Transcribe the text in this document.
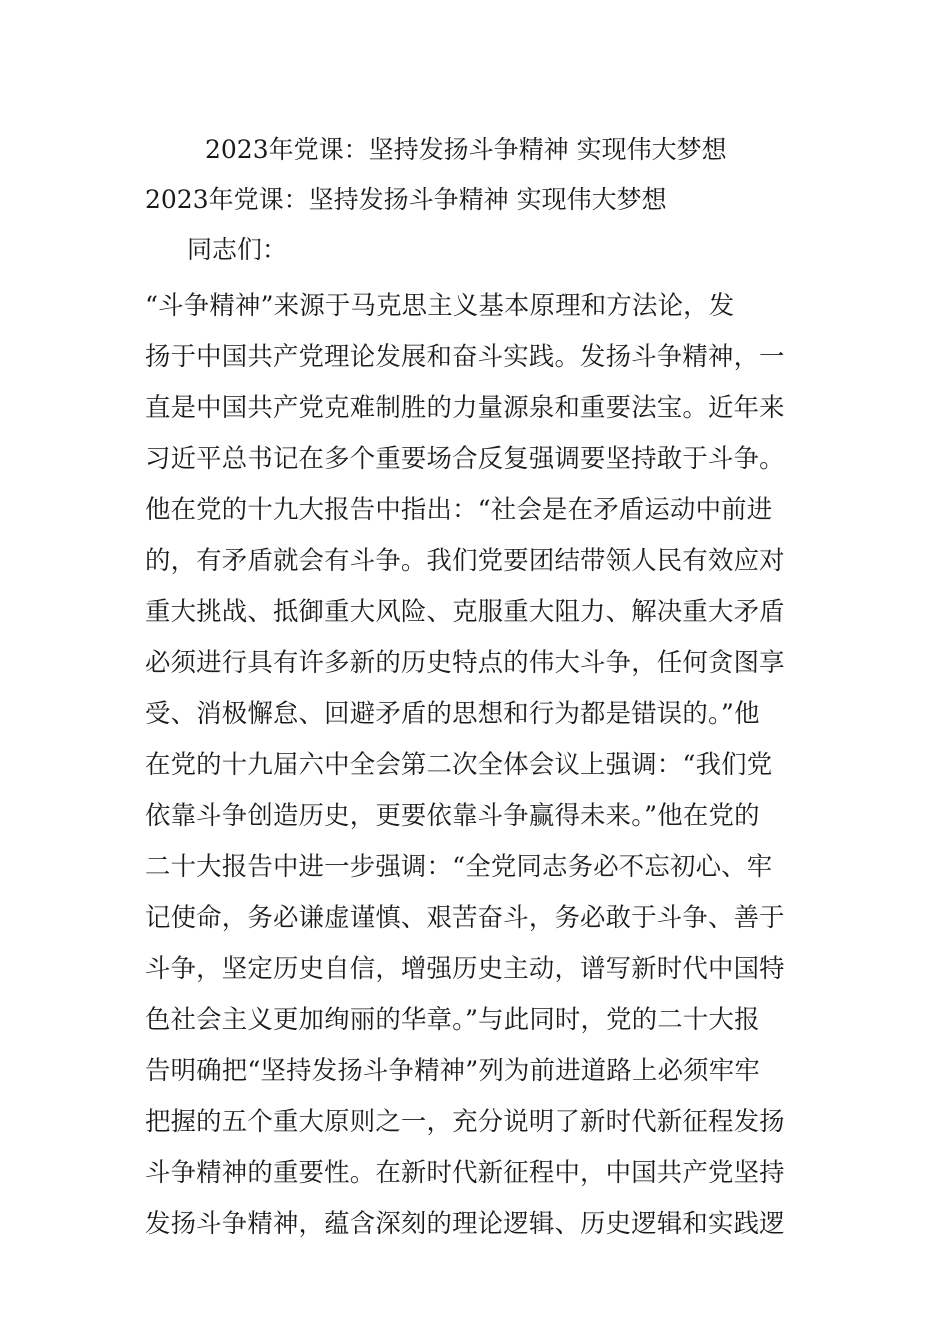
2023年党课：坚持发扬斗争精神 实现伟大梦想
2023年党课：坚持发扬斗争精神 实现伟大梦想
同志们：
“斗争精神”来源于马克思主义基本原理和方法论，发
扬于中国共产党理论发展和奋斗实践。发扬斗争精神，一
直是中国共产党克难制胜的力量源泉和重要法宝。近年来
习近平总书记在多个重要场合反复强调要坚持敢于斗争。
他在党的十九大报告中指出：“社会是在矛盾运动中前进
的，有矛盾就会有斗争。我们党要团结带领人民有效应对
重大挑战、抵御重大风险、克服重大阻力、解决重大矛盾
必须进行具有许多新的历史特点的伟大斗争，任何贪图享
受、消极懈怠、回避矛盾的思想和行为都是错误的。”他
在党的十九届六中全会第二次全体会议上强调：“我们党
依靠斗争创造历史，更要依靠斗争赢得未来。”他在党的
二十大报告中进一步强调：“全党同志务必不忘初心、牢
记使命，务必谦虚谨慎、艰苦奋斗，务必敢于斗争、善于
斗争，坚定历史自信，增强历史主动，谱写新时代中国特
色社会主义更加绚丽的华章。”与此同时，党的二十大报
告明确把“坚持发扬斗争精神”列为前进道路上必须牢牢
把握的五个重大原则之一，充分说明了新时代新征程发扬
斗争精神的重要性。在新时代新征程中，中国共产党坚持
发扬斗争精神，蕴含深刻的理论逻辑、历史逻辑和实践逻
